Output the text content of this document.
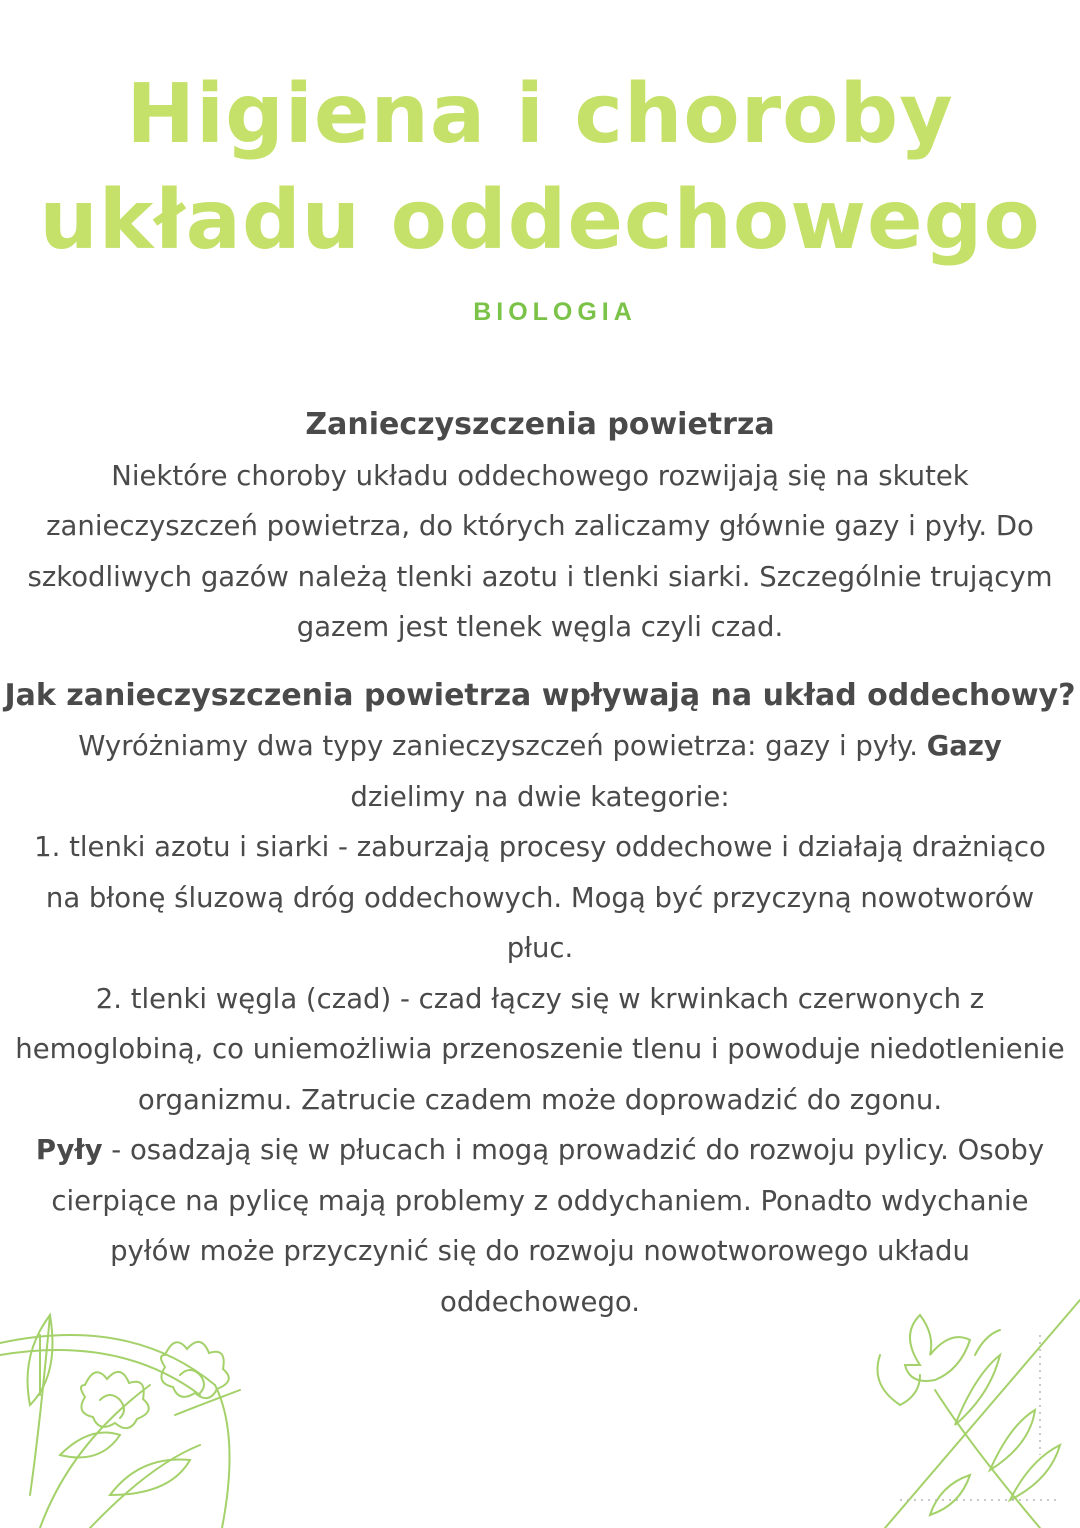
Higiena i choroby
układu oddechowego
BIOLOGIA

Zanieczyszczenia powietrza

Niektóre choroby układu oddechowego rozwijają się na skutek

zanieczyszczeń powietrza, do których zaliczamy głównie gazy i pyły. Do

szkodliwych gazów należą tlenki azotu i tlenki siarki. Szczególnie trującym

gazem jest tlenek węgla czyli czad.

Jak zanieczyszczenia powietrza wpływają na układ oddechowy?

Wyróżniamy dwa typy zanieczyszczeń powietrza: gazy i pyły. Gazy

dzielimy na dwie kategorie:

1. tlenki azotu i siarki - zaburzają procesy oddechowe i działają drażniąco

na błonę śluzową dróg oddechowych. Mogą być przyczyną nowotworów

płuc.

2. tlenki węgla (czad) - czad łączy się w krwinkach czerwonych z

hemoglobiną, co uniemożliwia przenoszenie tlenu i powoduje niedotlenienie

organizmu. Zatrucie czadem może doprowadzić do zgonu.

Pyły - osadzają się w płucach i mogą prowadzić do rozwoju pylicy. Osoby

cierpiące na pylicę mają problemy z oddychaniem. Ponadto wdychanie

pyłów może przyczynić się do rozwoju nowotworowego układu

oddechowego.
